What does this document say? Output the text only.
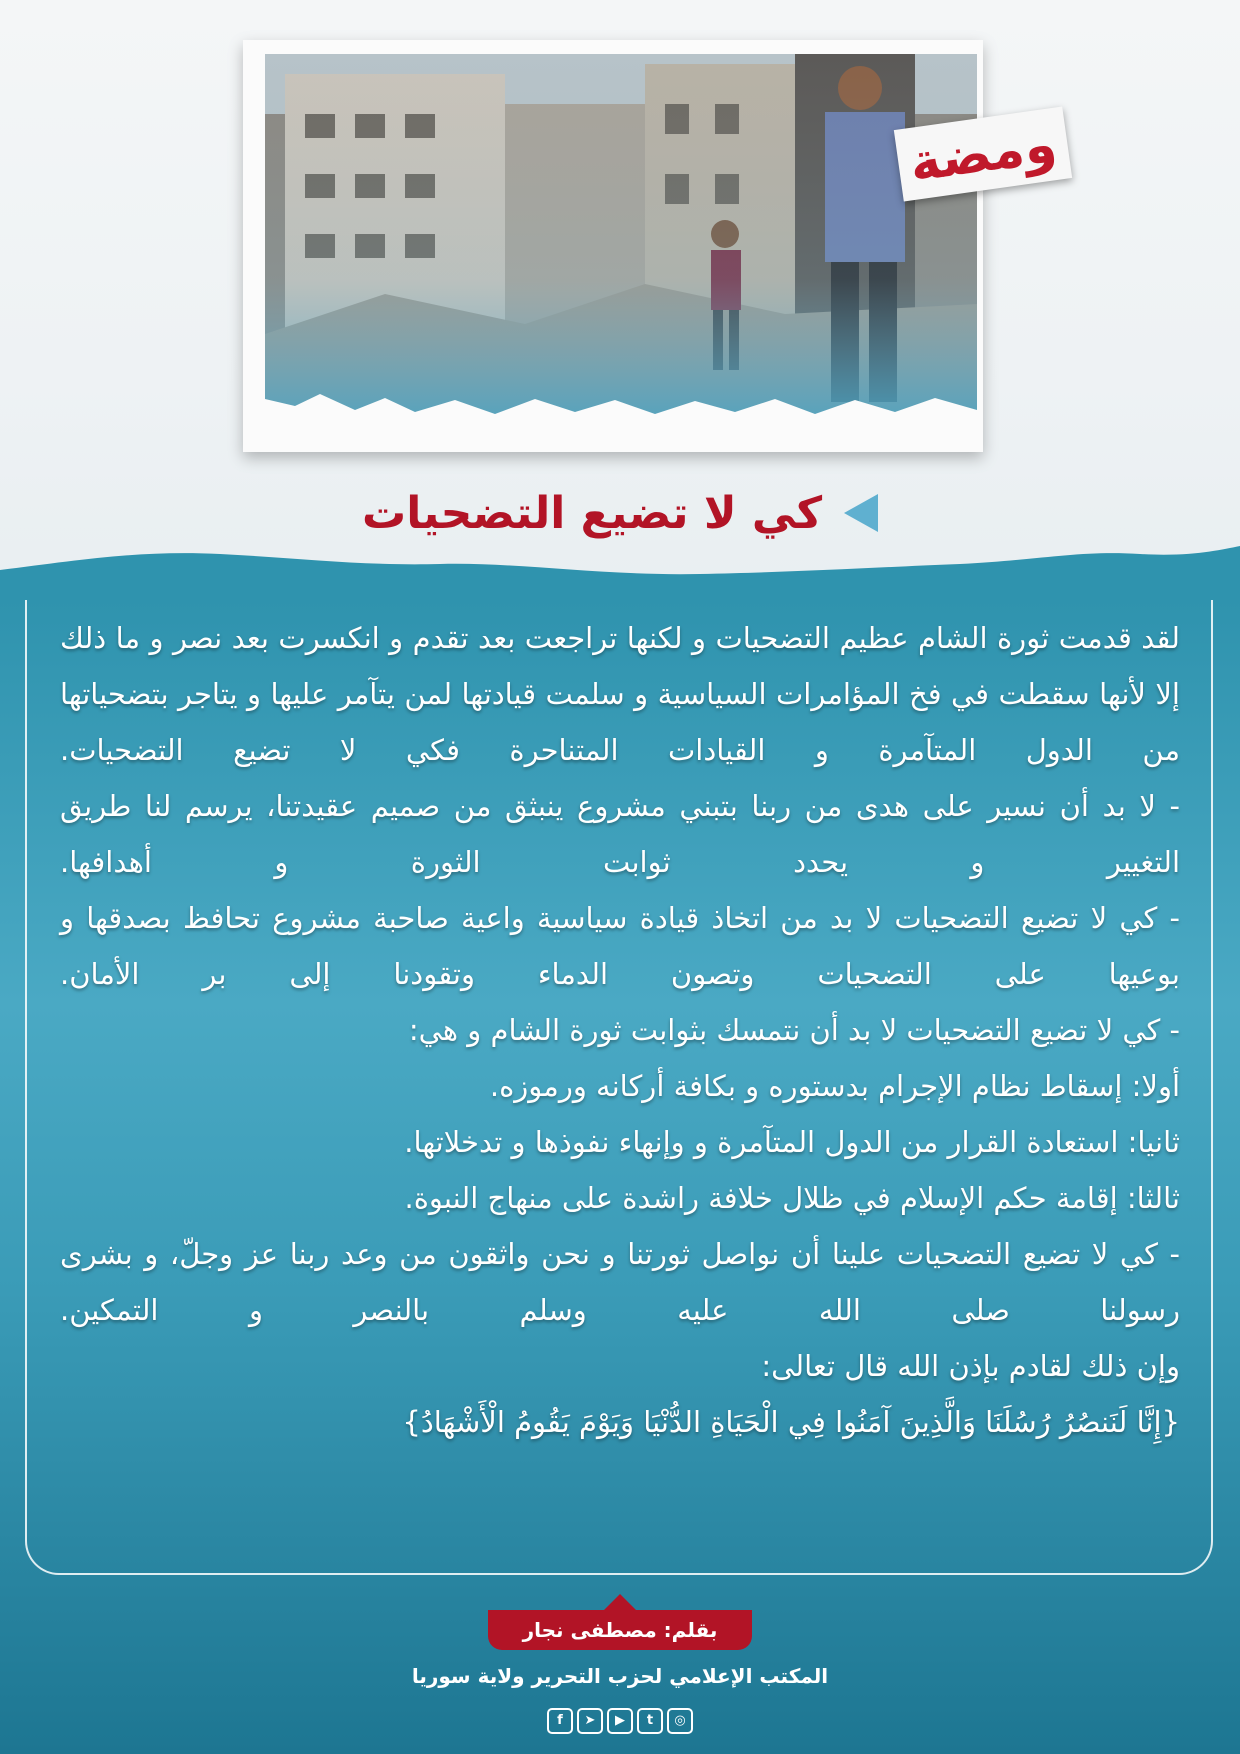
ومضة
كي لا تضيع التضحيات

لقد قدمت ثورة الشام عظيم التضحيات و لكنها تراجعت بعد تقدم و انكسرت بعد نصر و ما ذلك إلا لأنها سقطت في فخ المؤامرات السياسية و سلمت قيادتها لمن يتآمر عليها و يتاجر بتضحياتها من الدول المتآمرة و القيادات المتناحرة فكي لا تضيع التضحيات.

- لا بد أن نسير على هدى من ربنا بتبني مشروع ينبثق من صميم عقيدتنا، يرسم لنا طريق التغيير و يحدد ثوابت الثورة و أهدافها.

- كي لا تضيع التضحيات لا بد من اتخاذ قيادة سياسية واعية صاحبة مشروع تحافظ بصدقها و بوعيها على التضحيات وتصون الدماء وتقودنا إلى بر الأمان.

- كي لا تضيع التضحيات لا بد أن نتمسك بثوابت ثورة الشام و هي:

أولا: إسقاط نظام الإجرام بدستوره و بكافة أركانه ورموزه.

ثانيا: استعادة القرار من الدول المتآمرة و وإنهاء نفوذها و تدخلاتها.

ثالثا: إقامة حكم الإسلام في ظلال خلافة راشدة على منهاج النبوة.

- كي لا تضيع التضحيات علينا أن نواصل ثورتنا و نحن واثقون من وعد ربنا عز وجلّ، و بشرى رسولنا صلى الله عليه وسلم بالنصر و التمكين.

وإن ذلك لقادم بإذن الله قال تعالى:

{إِنَّا لَنَنصُرُ رُسُلَنَا وَالَّذِينَ آمَنُوا فِي الْحَيَاةِ الدُّنْيَا وَيَوْمَ يَقُومُ الْأَشْهَادُ}

بقلم: مصطفى نجار
المكتب الإعلامي لحزب التحرير ولاية سوريا
f	➤	▶	t	◎
